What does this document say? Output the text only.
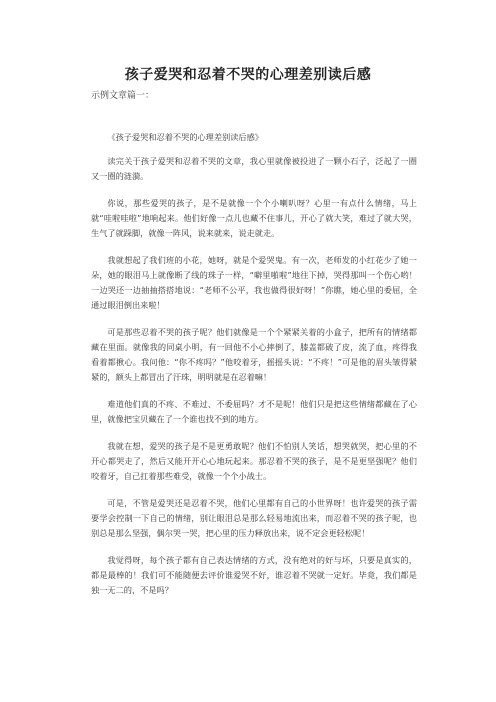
孩子爱哭和忍着不哭的心理差别读后感
示例文章篇一：

《孩子爱哭和忍着不哭的心理差别读后感》

读完关于孩子爱哭和忍着不哭的文章，我心里就像被投进了一颗小石子，泛起了一圈又一圈的涟漪。

你说，那些爱哭的孩子，是不是就像一个个小喇叭呀？心里一有点什么情绪，马上就“哇啦哇啦”地响起来。他们好像一点儿也藏不住事儿，开心了就大笑，难过了就大哭，生气了就跺脚，就像一阵风，说来就来，说走就走。

我就想起了我们班的小花，她呀，就是个爱哭鬼。有一次，老师发的小红花少了她一朵，她的眼泪马上就像断了线的珠子一样，“噼里啪啦”地往下掉，哭得那叫一个伤心哟！一边哭还一边抽抽搭搭地说：“老师不公平，我也做得很好呀！”你瞧，她心里的委屈，全通过眼泪倒出来啦！

可是那些忍着不哭的孩子呢？他们就像是一个个紧紧关着的小盒子，把所有的情绪都藏在里面。就像我的同桌小明，有一回他不小心摔倒了，膝盖都破了皮，流了血，疼得我看着都揪心。我问他：“你不疼吗？”他咬着牙，摇摇头说：“不疼！”可是他的眉头皱得紧紧的，额头上都冒出了汗珠，明明就是在忍着嘛！

难道他们真的不疼、不难过、不委屈吗？才不是呢！他们只是把这些情绪都藏在了心里，就像把宝贝藏在了一个谁也找不到的地方。

我就在想，爱哭的孩子是不是更勇敢呢？他们不怕别人笑话，想哭就哭，把心里的不开心都哭走了，然后又能开开心心地玩起来。那忍着不哭的孩子，是不是更坚强呢？他们咬着牙，自己扛着那些难受，就像一个个小战士。

可是，不管是爱哭还是忍着不哭，他们心里都有自己的小世界呀！也许爱哭的孩子需要学会控制一下自己的情绪，别让眼泪总是那么轻易地流出来，而忍着不哭的孩子呢，也别总是那么坚强，偶尔哭一哭，把心里的压力释放出来，说不定会更轻松呢！

我觉得呀，每个孩子都有自己表达情绪的方式，没有绝对的好与坏，只要是真实的，都是最棒的！我们可不能随便去评价谁爱哭不好，谁忍着不哭就一定好。毕竟，我们都是独一无二的，不是吗？
